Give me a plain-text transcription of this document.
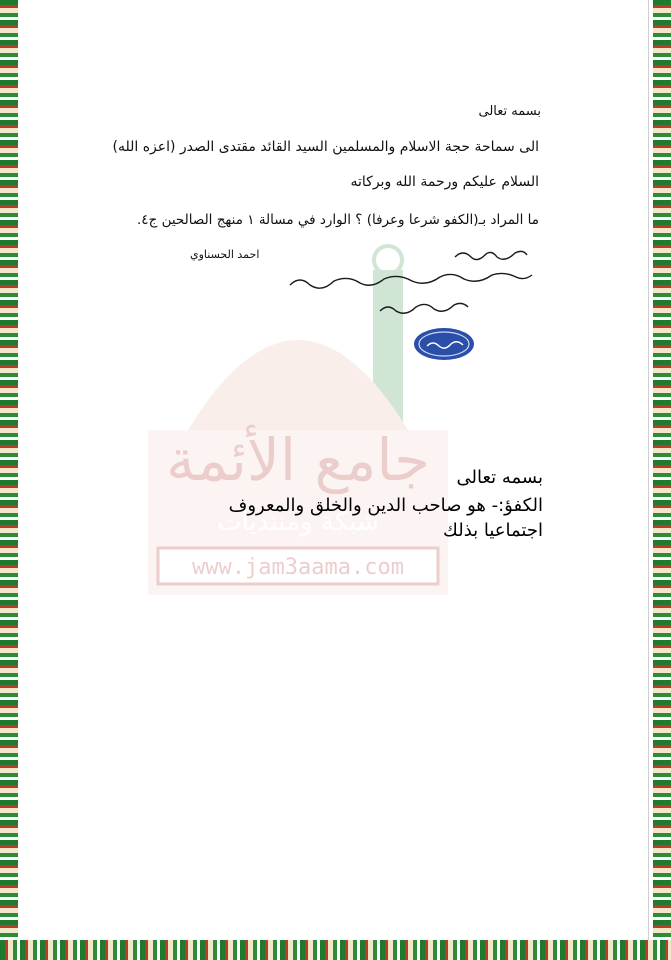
جامع الأئمة
شبكة ومنتديات
www.jam3aama.com
بسمه تعالى
الى سماحة حجة الاسلام والمسلمين السيد القائد مقتدى الصدر (اعزه الله)
السلام عليكم ورحمة الله وبركاته
ما المراد بـ(الكفو شرعا وعرفا) ؟ الوارد في مسالة ١ منهج الصالحين ج٤.
احمد الحسناوي
بسمه تعالى
الكفؤ:- هو صاحب الدين والخلق والمعروف
اجتماعيا بذلك
